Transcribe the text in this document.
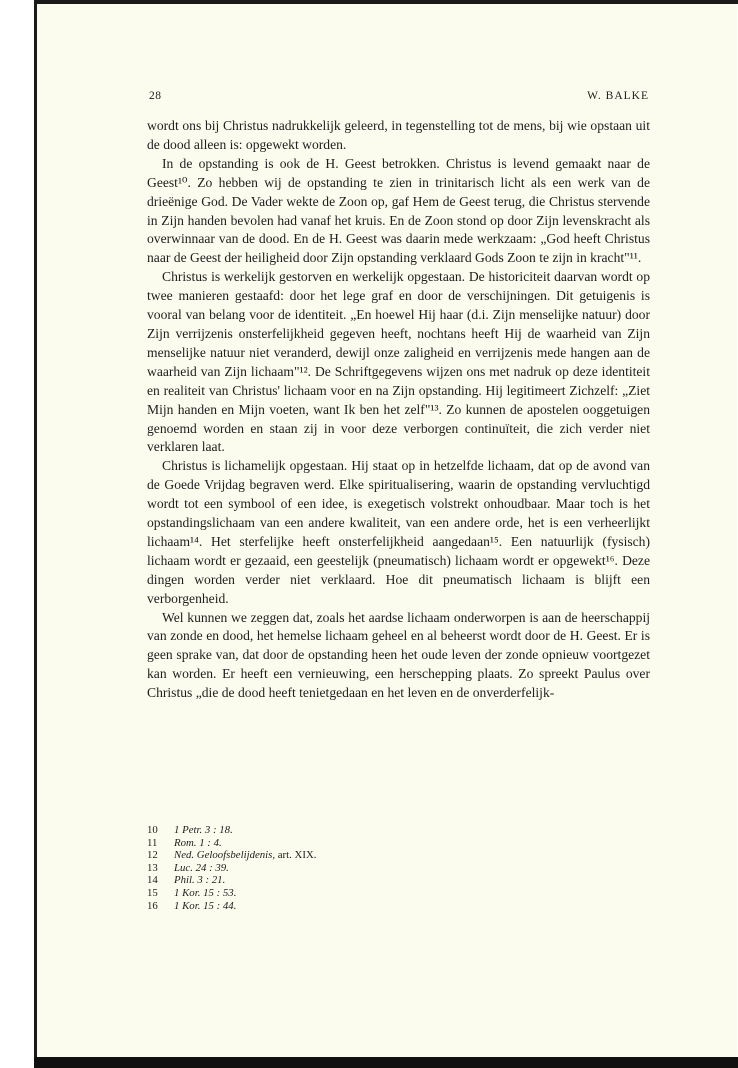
28	W. BALKE

wordt ons bij Christus nadrukkelijk geleerd, in tegenstelling tot de mens, bij wie opstaan uit de dood alleen is: opgewekt worden.

In de opstanding is ook de H. Geest betrokken. Christus is levend gemaakt naar de Geest¹⁰. Zo hebben wij de opstanding te zien in trinitarisch licht als een werk van de drieënige God. De Vader wekte de Zoon op, gaf Hem de Geest terug, die Christus stervende in Zijn handen bevolen had vanaf het kruis. En de Zoon stond op door Zijn levenskracht als overwinnaar van de dood. En de H. Geest was daarin mede werkzaam: „God heeft Christus naar de Geest der heiligheid door Zijn opstanding verklaard Gods Zoon te zijn in kracht"¹¹.

Christus is werkelijk gestorven en werkelijk opgestaan. De historiciteit daarvan wordt op twee manieren gestaafd: door het lege graf en door de verschijningen. Dit getuigenis is vooral van belang voor de identiteit. „En hoewel Hij haar (d.i. Zijn menselijke natuur) door Zijn verrijzenis onsterfelijkheid gegeven heeft, nochtans heeft Hij de waarheid van Zijn menselijke natuur niet veranderd, dewijl onze zaligheid en verrijzenis mede hangen aan de waarheid van Zijn lichaam"¹². De Schriftgegevens wijzen ons met nadruk op deze identiteit en realiteit van Christus' lichaam voor en na Zijn opstanding. Hij legitimeert Zichzelf: „Ziet Mijn handen en Mijn voeten, want Ik ben het zelf"¹³. Zo kunnen de apostelen ooggetuigen genoemd worden en staan zij in voor deze verborgen continuïteit, die zich verder niet verklaren laat.

Christus is lichamelijk opgestaan. Hij staat op in hetzelfde lichaam, dat op de avond van de Goede Vrijdag begraven werd. Elke spiritualisering, waarin de opstanding vervluchtigd wordt tot een symbool of een idee, is exegetisch volstrekt onhoudbaar. Maar toch is het opstandingslichaam van een andere kwaliteit, van een andere orde, het is een verheerlijkt lichaam¹⁴. Het sterfelijke heeft onsterfelijkheid aangedaan¹⁵. Een natuurlijk (fysisch) lichaam wordt er gezaaid, een geestelijk (pneumatisch) lichaam wordt er opgewekt¹⁶. Deze dingen worden verder niet verklaard. Hoe dit pneumatisch lichaam is blijft een verborgenheid.

Wel kunnen we zeggen dat, zoals het aardse lichaam onderworpen is aan de heerschappij van zonde en dood, het hemelse lichaam geheel en al beheerst wordt door de H. Geest. Er is geen sprake van, dat door de opstanding heen het oude leven der zonde opnieuw voortgezet kan worden. Er heeft een vernieuwing, een herschepping plaats. Zo spreekt Paulus over Christus „die de dood heeft tenietgedaan en het leven en de onverderfelijk-

10	1 Petr. 3 : 18.
11	Rom. 1 : 4.
12	Ned. Geloofsbelijdenis, art. XIX.
13	Luc. 24 : 39.
14	Phil. 3 : 21.
15	1 Kor. 15 : 53.
16	1 Kor. 15 : 44.
